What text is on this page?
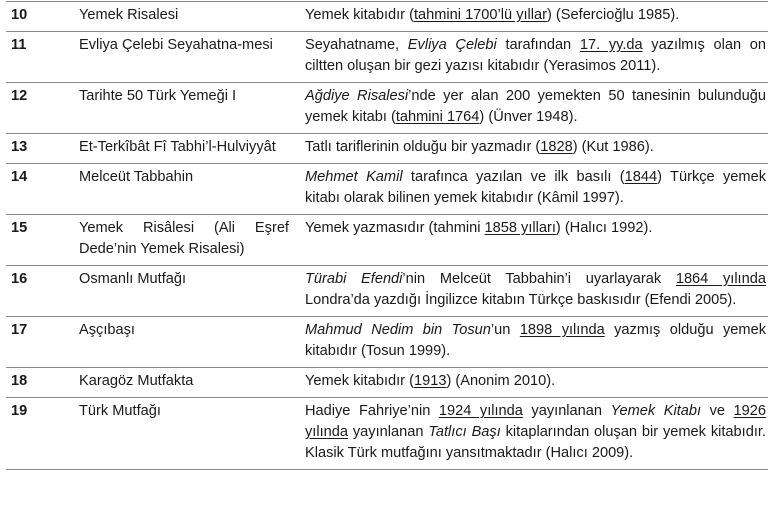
10	Yemek Risalesi	Yemek kitabıdır (tahmini 1700’lü yıllar) (Sefercioğlu 1985).
11	Evliya Çelebi Seyahatna-mesi	Seyahatname, Evliya Çelebi tarafından 17. yy.da yazılmış olan on ciltten oluşan bir gezi yazısı kitabıdır (Yerasimos 2011).
12	Tarihte 50 Türk Yemeği I	Ağdiye Risalesi’nde yer alan 200 yemekten 50 tanesinin bulunduğu yemek kitabı (tahmini 1764) (Ünver 1948).
13	Et-Terkîbât Fî Tabhi’l-Hulviyyât	Tatlı tariflerinin olduğu bir yazmadır (1828) (Kut 1986).
14	Melceüt Tabbahin	Mehmet Kamil tarafınca yazılan ve ilk basılı (1844) Türkçe yemek kitabı olarak bilinen yemek kitabıdır (Kâmil 1997).
15	Yemek Risâlesi (Ali Eşref Dede’nin Yemek Risalesi)	Yemek yazmasıdır (tahmini 1858 yılları) (Halıcı 1992).
16	Osmanlı Mutfağı	Türabi Efendi’nin Melceüt Tabbahin’i uyarlayarak 1864 yılında Londra’da yazdığı İngilizce kitabın Türkçe baskısıdır (Efendi 2005).
17	Aşçıbaşı	Mahmud Nedim bin Tosun’un 1898 yılında yazmış olduğu yemek kitabıdır (Tosun 1999).
18	Karagöz Mutfakta	Yemek kitabıdır (1913) (Anonim 2010).
19	Türk Mutfağı	Hadiye Fahriye’nin 1924 yılında yayınlanan Yemek Kitabı ve 1926 yılında yayınlanan Tatlıcı Başı kitaplarından oluşan bir yemek kitabıdır. Klasik Türk mutfağını yansıtmaktadır (Halıcı 2009).
